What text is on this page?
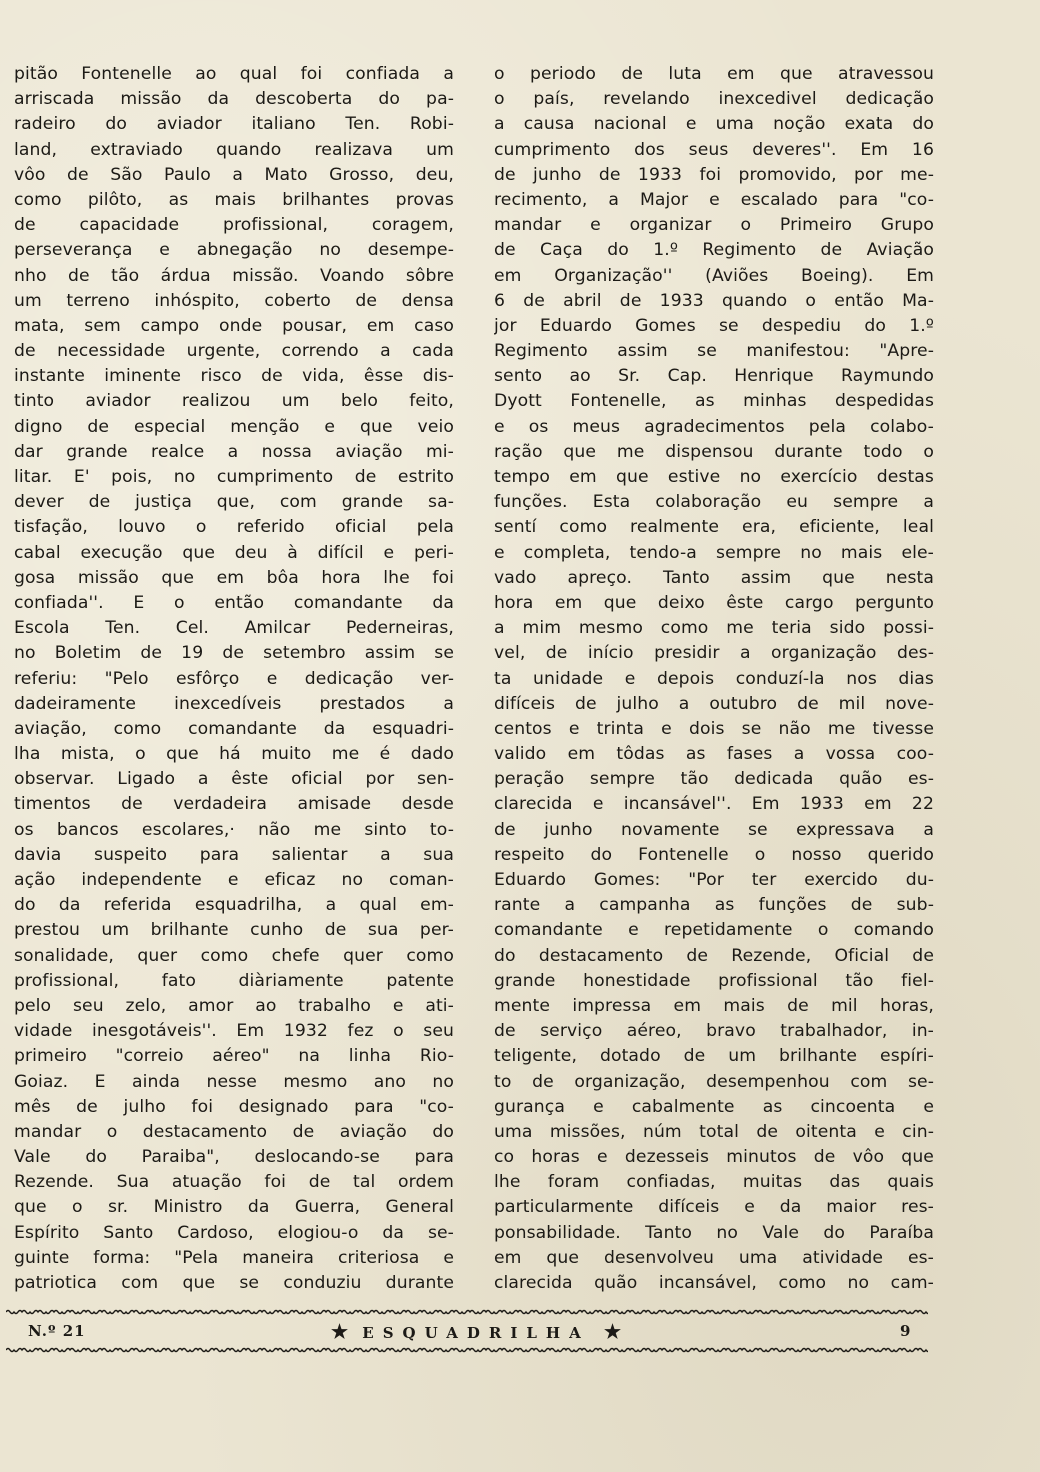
pitão Fontenelle ao qual foi confiada a
arriscada missão da descoberta do pa-
radeiro do aviador italiano Ten. Robi-
land, extraviado quando realizava um
vôo de São Paulo a Mato Grosso, deu,
como pilôto, as mais brilhantes provas
de capacidade profissional, coragem,
perseverança e abnegação no desempe-
nho de tão árdua missão. Voando sôbre
um terreno inhóspito, coberto de densa
mata, sem campo onde pousar, em caso
de necessidade urgente, correndo a cada
instante iminente risco de vida, êsse dis-
tinto aviador realizou um belo feito,
digno de especial menção e que veio
dar grande realce a nossa aviação mi-
litar. E' pois, no cumprimento de estrito
dever de justiça que, com grande sa-
tisfação, louvo o referido oficial pela
cabal execução que deu à difícil e peri-
gosa missão que em bôa hora lhe foi
confiada''. E o então comandante da
Escola Ten. Cel. Amilcar Pederneiras,
no Boletim de 19 de setembro assim se
referiu: "Pelo esfôrço e dedicação ver-
dadeiramente inexcedíveis prestados a
aviação, como comandante da esquadri-
lha mista, o que há muito me é dado
observar. Ligado a êste oficial por sen-
timentos de verdadeira amisade desde
os bancos escolares,· não me sinto to-
davia suspeito para salientar a sua
ação independente e eficaz no coman-
do da referida esquadrilha, a qual em-
prestou um brilhante cunho de sua per-
sonalidade, quer como chefe quer como
profissional, fato diàriamente patente
pelo seu zelo, amor ao trabalho e ati-
vidade inesgotáveis''. Em 1932 fez o seu
primeiro "correio aéreo" na linha Rio-
Goiaz. E ainda nesse mesmo ano no
mês de julho foi designado para "co-
mandar o destacamento de aviação do
Vale do Paraiba", deslocando-se para
Rezende. Sua atuação foi de tal ordem
que o sr. Ministro da Guerra, General
Espírito Santo Cardoso, elogiou-o da se-
guinte forma: "Pela maneira criteriosa e
patriotica com que se conduziu durante
o periodo de luta em que atravessou
o país, revelando inexcedivel dedicação
a causa nacional e uma noção exata do
cumprimento dos seus deveres''. Em 16
de junho de 1933 foi promovido, por me-
recimento, a Major e escalado para "co-
mandar e organizar o Primeiro Grupo
de Caça do 1.º Regimento de Aviação
em Organização'' (Aviões Boeing). Em
6 de abril de 1933 quando o então Ma-
jor Eduardo Gomes se despediu do 1.º
Regimento assim se manifestou: "Apre-
sento ao Sr. Cap. Henrique Raymundo
Dyott Fontenelle, as minhas despedidas
e os meus agradecimentos pela colabo-
ração que me dispensou durante todo o
tempo em que estive no exercício destas
funções. Esta colaboração eu sempre a
sentí como realmente era, eficiente, leal
e completa, tendo-a sempre no mais ele-
vado apreço. Tanto assim que nesta
hora em que deixo êste cargo pergunto
a mim mesmo como me teria sido possi-
vel, de início presidir a organização des-
ta unidade e depois conduzí-la nos dias
difíceis de julho a outubro de mil nove-
centos e trinta e dois se não me tivesse
valido em tôdas as fases a vossa coo-
peração sempre tão dedicada quão es-
clarecida e incansável''. Em 1933 em 22
de junho novamente se expressava a
respeito do Fontenelle o nosso querido
Eduardo Gomes: "Por ter exercido du-
rante a campanha as funções de sub-
comandante e repetidamente o comando
do destacamento de Rezende, Oficial de
grande honestidade profissional tão fiel-
mente impressa em mais de mil horas,
de serviço aéreo, bravo trabalhador, in-
teligente, dotado de um brilhante espíri-
to de organização, desempenhou com se-
gurança e cabalmente as cincoenta e
uma missões, núm total de oitenta e cin-
co horas e dezesseis minutos de vôo que
lhe foram confiadas, muitas das quais
particularmente difíceis e da maior res-
ponsabilidade. Tanto no Vale do Paraíba
em que desenvolveu uma atividade es-
clarecida quão incansável, como no cam-
N.º 21	★ ESQUADRILHA ★	9
